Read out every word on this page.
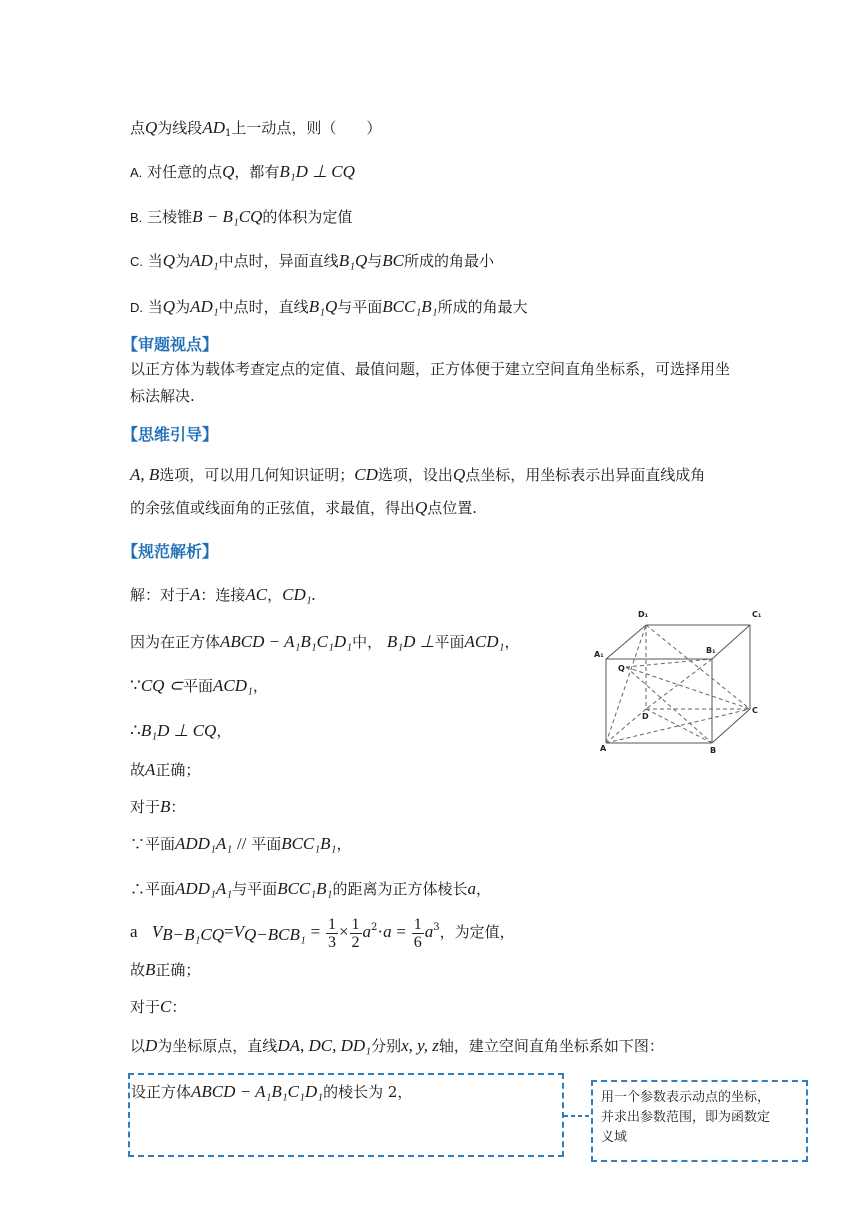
点Q为线段$AD_1$上一动点，则（　　）
A. 对任意的点Q，都有B₁D ⊥ CQ
B. 三棱锥B − B₁CQ的体积为定值
C. 当Q为AD₁中点时，异面直线B₁Q与BC所成的角最小
D. 当Q为AD₁中点时，直线B₁Q与平面BCC₁B₁所成的角最大
【审题视点】
以正方体为载体考查定点的定值、最值问题，正方体便于建立空间直角坐标系，可选择用坐
标法解决.
【思维引导】
A, B选项，可以用几何知识证明；CD选项，设出Q点坐标，用坐标表示出异面直线成角
的余弦值或线面角的正弦值，求最值，得出Q点位置.
【规范解析】
解：对于A：连接AC，CD₁.
因为在正方体ABCD − A₁B₁C₁D₁中， B₁D ⊥平面ACD₁，
∵CQ ⊂平面ACD₁，
∴B₁D ⊥ CQ，
故A正确；
对于B：
∵平面ADD₁A₁ // 平面BCC₁B₁，
∴平面ADD₁A₁与平面BCC₁B₁的距离为正方体棱长a，
a $V_{B-B_1CQ}=V_{Q-BCB_1} = \frac{1}{3} \times \frac{1}{2} a^2\cdot a = \frac{1}{6} a^3$，为定值，
故B正确；
对于C：
以D为坐标原点，直线DA, DC, DD₁分别x, y, z轴，建立空间直角坐标系如下图：
D₁	C₁
A₁	B₁
Q
D
C
A	B
设正方体ABCD − A₁B₁C₁D₁的棱长为 2，	用一个参数表示动点的坐标，
并求出参数范围，即为函数定
义域
